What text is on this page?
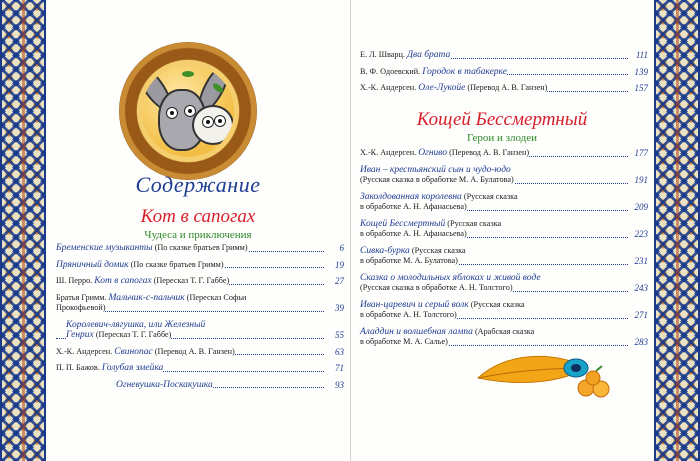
Содержание
Кот в сапогах
Чудеса и приключения
Бременские музыканты (По сказке братьев Гримм)	6
Пряничный домик (По сказке братьев Гримм)	19
Ш. Перро. Кот в сапогах (Пересказ Т. Г. Габбе)	27
Братья Гримм. Мальчик-с-пальчик (Пересказ Софьи
Прокофьевой)	39
Королевич-лягушка, или Железный
Генрих (Пересказ Т. Г. Габбе)	55
Х.-К. Андерсен. Свинопас (Перевод А. В. Ганзен)	63
П. П. Бажов. Голубая змейка	71
Огневушка-Поскакушка	93
Е. Л. Шварц. Два брата	111
В. Ф. Одоевский. Городок в табакерке	139
Х.-К. Андерсен. Оле-Лукойе (Перевод А. В. Ганзен)	157
Кощей Бессмертный
Герои и злодеи
Х.-К. Андерсен. Огниво (Перевод А. В. Ганзен)	177
Иван – крестьянский сын и чудо-юдо
(Русская сказка в обработке М. А. Булатова)	191
Заколдованная королевна (Русская сказка
в обработке А. Н. Афанасьева)	209
Кощей Бессмертный (Русская сказка
в обработке А. Н. Афанасьева)	223
Сивка-бурка (Русская сказка
в обработке М. А. Булатова)	231
Сказка о молодильных яблоках и живой воде
(Русская сказка в обработке А. Н. Толстого)	243
Иван-царевич и серый волк (Русская сказка
в обработке А. Н. Толстого)	271
Аладдин и волшебная лампа (Арабская сказка
в обработке М. А. Салье)	283
